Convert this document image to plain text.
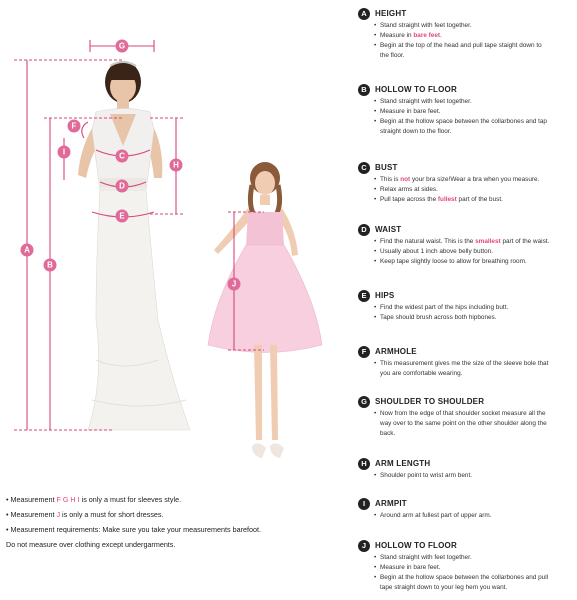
G
F
I	C
H
D
E
A
B
J
A	HEIGHT
• Stand straight with feet together.
• Measure in bare feet.
• Begin at the top of the head and pull tape staight down to
the floor.
B	HOLLOW TO FLOOR
• Stand straight with feet together.
• Measure in bare feet.
• Begin at the hollow space between the collarbones and tap
straight down to the floor.
C	BUST
• This is not your bra size!Wear a bra when you measure.
• Relax arms at sides.
• Pull tape across the fullest part of the bust.
D	WAIST
• Find the natural waist. This is the smallest part of the waist.
• Usually about 1 inch above belly button.
• Keep tape slightly loose to allow for breathing room.
E	HIPS
• Find the widest part of the hips including butt.
• Tape should brush across both hipbones.
F	ARMHOLE
• This measurement gives me the size of the sleeve bole that
you are comfortable wearing.
G	SHOULDER TO SHOULDER
• Now from the edge of that shoulder socket measure all the
way over to the same point on the other shoulder along the
back.
H	ARM LENGTH
• Shoulder point to wrist arm bent.
I	ARMPIT
• Around arm at fullest part of upper arm.
J	HOLLOW TO FLOOR
• Stand straight with feet together.
• Measure in bare feet.
• Begin at the hollow space between the collarbones and pull
tape straight down to your leg hem you want.
• Measurement F G H I is only a must for sleeves style.
• Measurement J is only a must for short dresses.
• Measurement requirements: Make sure you take your measurements barefoot.
Do not measure over clothing except undergarments.
